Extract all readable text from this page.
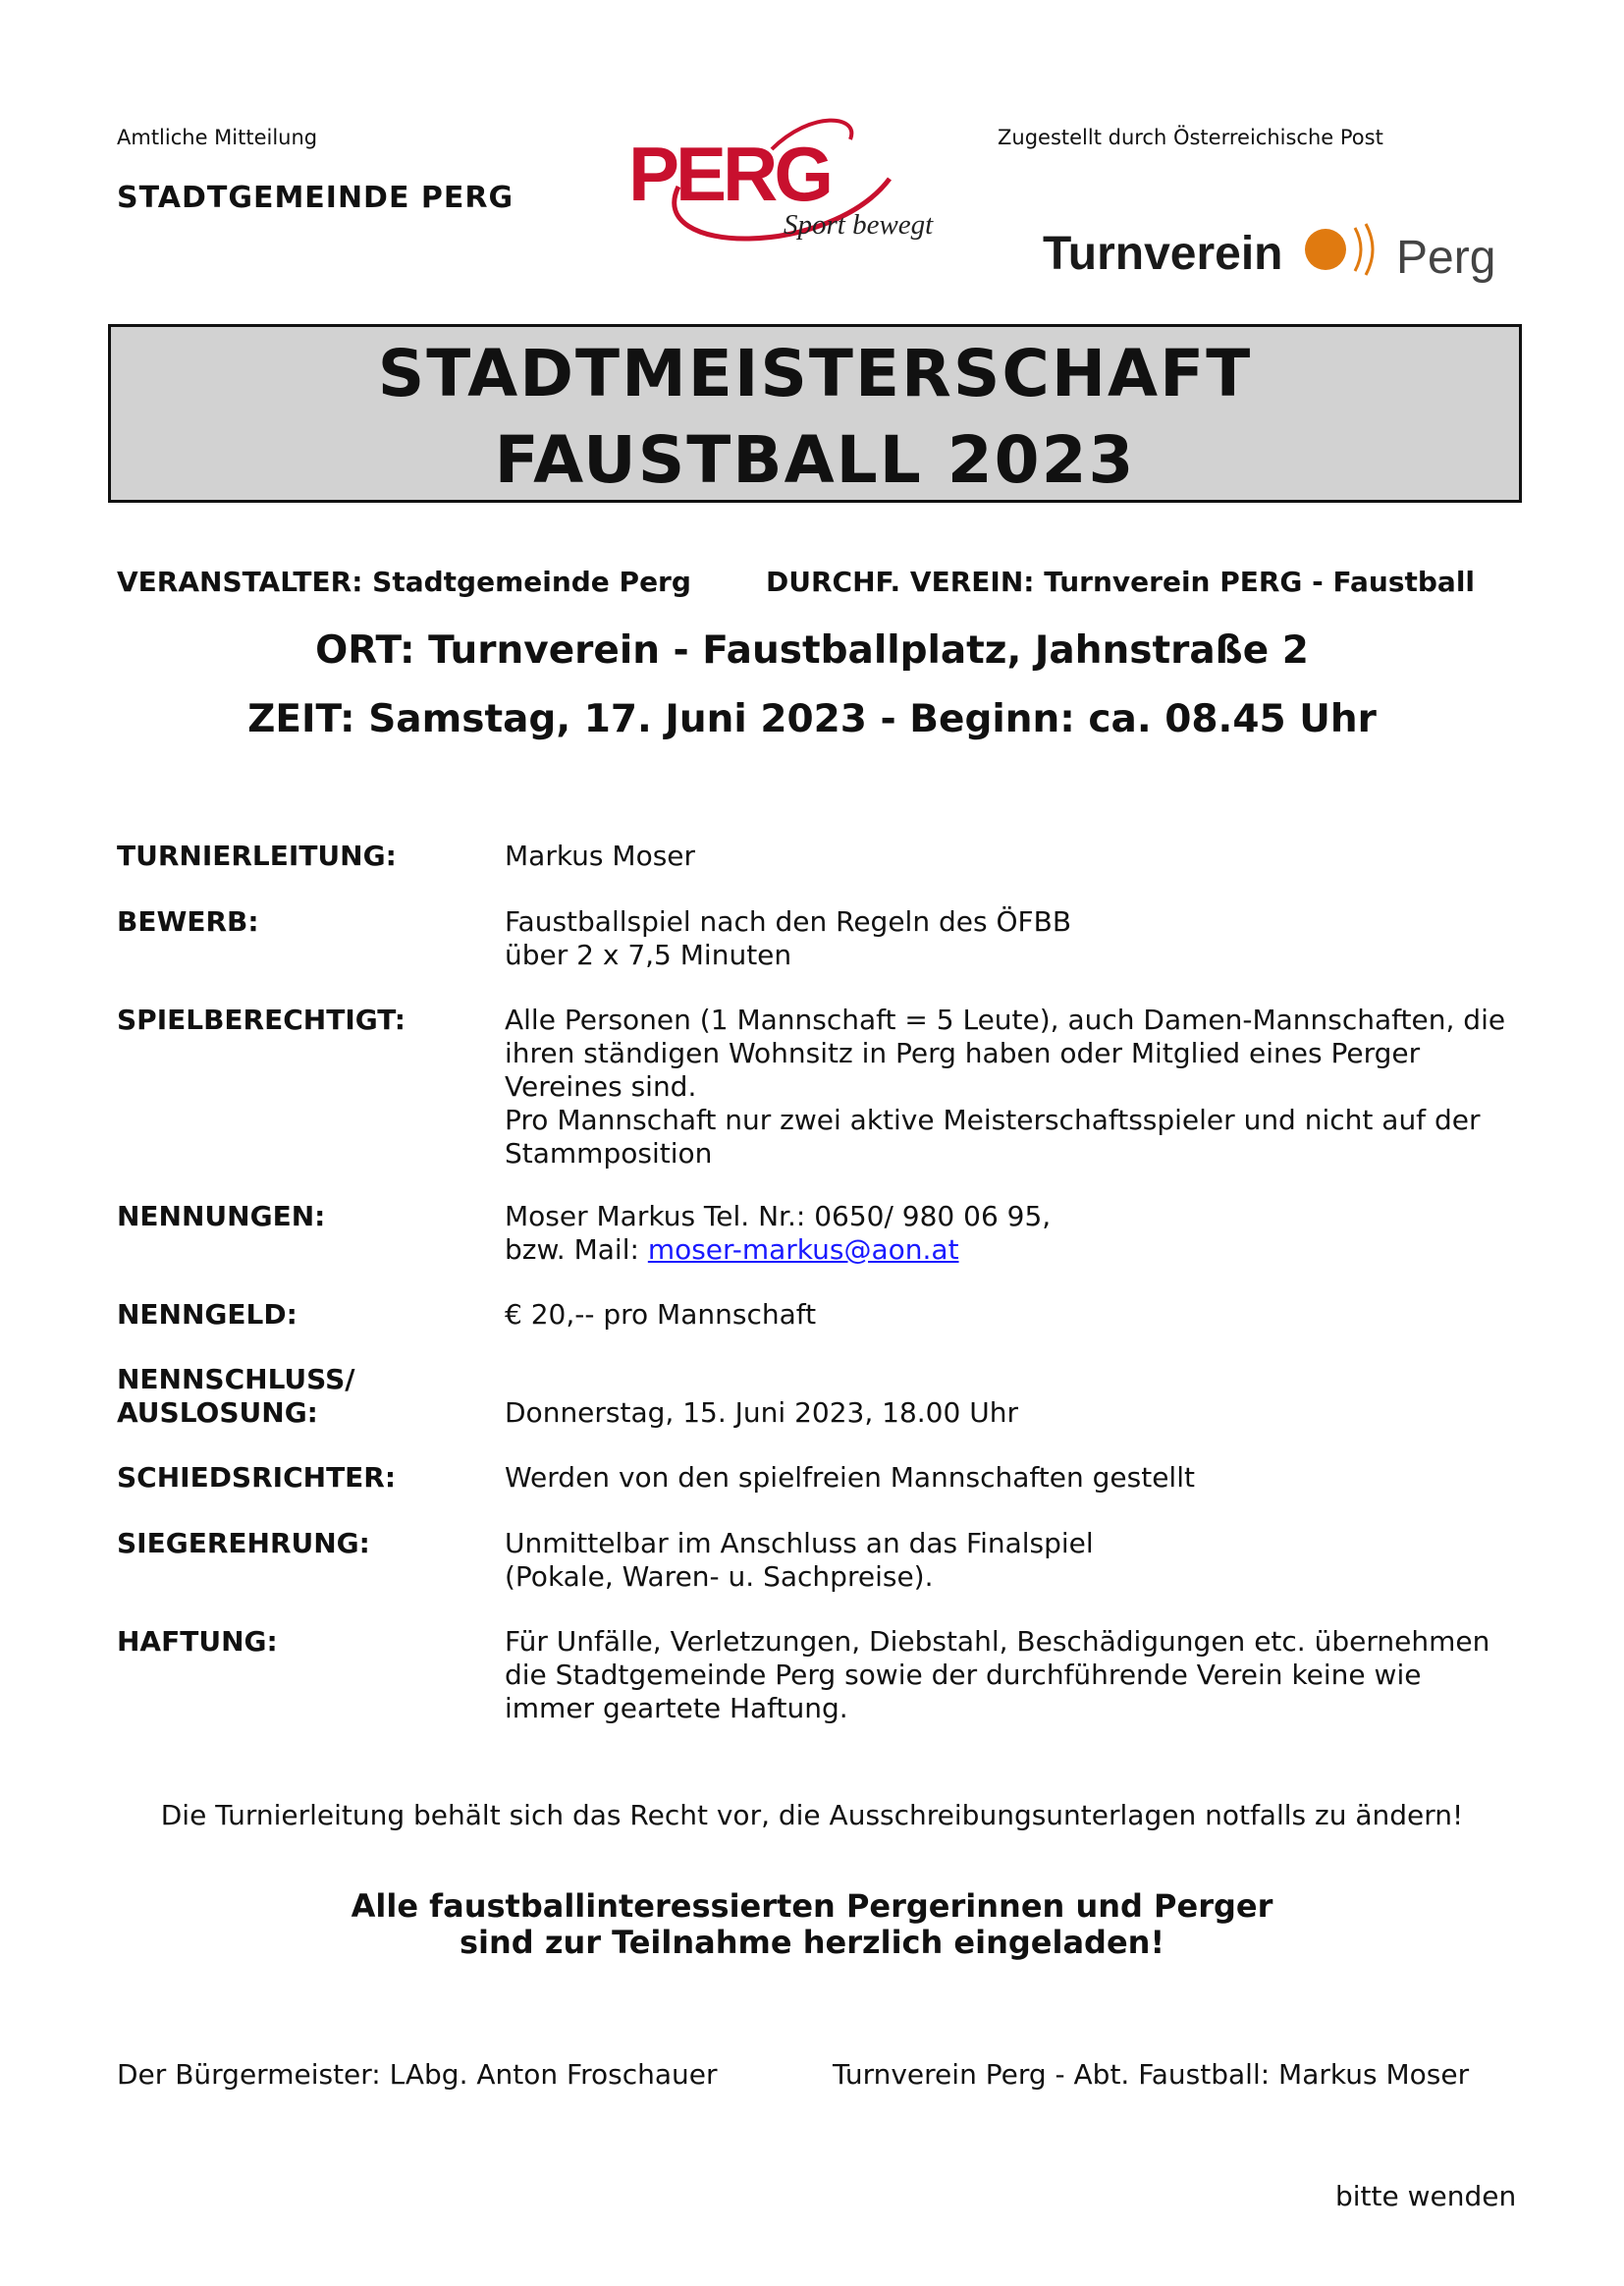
Amtliche Mitteilung
STADTGEMEINDE PERG
Zugestellt durch Österreichische Post
PERG
Sport bewegt
Turnverein Perg
STADTMEISTERSCHAFT
FAUSTBALL 2023
VERANSTALTER: Stadtgemeinde Perg	DURCHF. VEREIN: Turnverein PERG - Faustball
ORT: Turnverein - Faustballplatz, Jahnstraße 2
ZEIT: Samstag, 17. Juni 2023 - Beginn: ca. 08.45 Uhr
TURNIERLEITUNG:	Markus Moser
BEWERB:	Faustballspiel nach den Regeln des ÖFBB
über 2 x 7,5 Minuten
SPIELBERECHTIGT:	Alle Personen (1 Mannschaft = 5 Leute), auch Damen-Mannschaften, die
ihren ständigen Wohnsitz in Perg haben oder Mitglied eines Perger
Vereines sind.
Pro Mannschaft nur zwei aktive Meisterschaftsspieler und nicht auf der
Stammposition
NENNUNGEN:	Moser Markus Tel. Nr.: 0650/ 980 06 95,
bzw. Mail: moser-markus@aon.at
NENNGELD:	€ 20,-- pro Mannschaft
NENNSCHLUSS/
AUSLOSUNG:	Donnerstag, 15. Juni 2023, 18.00 Uhr
SCHIEDSRICHTER:	Werden von den spielfreien Mannschaften gestellt
SIEGEREHRUNG:	Unmittelbar im Anschluss an das Finalspiel
(Pokale, Waren- u. Sachpreise).
HAFTUNG:	Für Unfälle, Verletzungen, Diebstahl, Beschädigungen etc. übernehmen
die Stadtgemeinde Perg sowie der durchführende Verein keine wie
immer geartete Haftung.
Die Turnierleitung behält sich das Recht vor, die Ausschreibungsunterlagen notfalls zu ändern!
Alle faustballinteressierten Pergerinnen und Perger
sind zur Teilnahme herzlich eingeladen!
Der Bürgermeister: LAbg. Anton Froschauer	Turnverein Perg - Abt. Faustball: Markus Moser
bitte wenden
